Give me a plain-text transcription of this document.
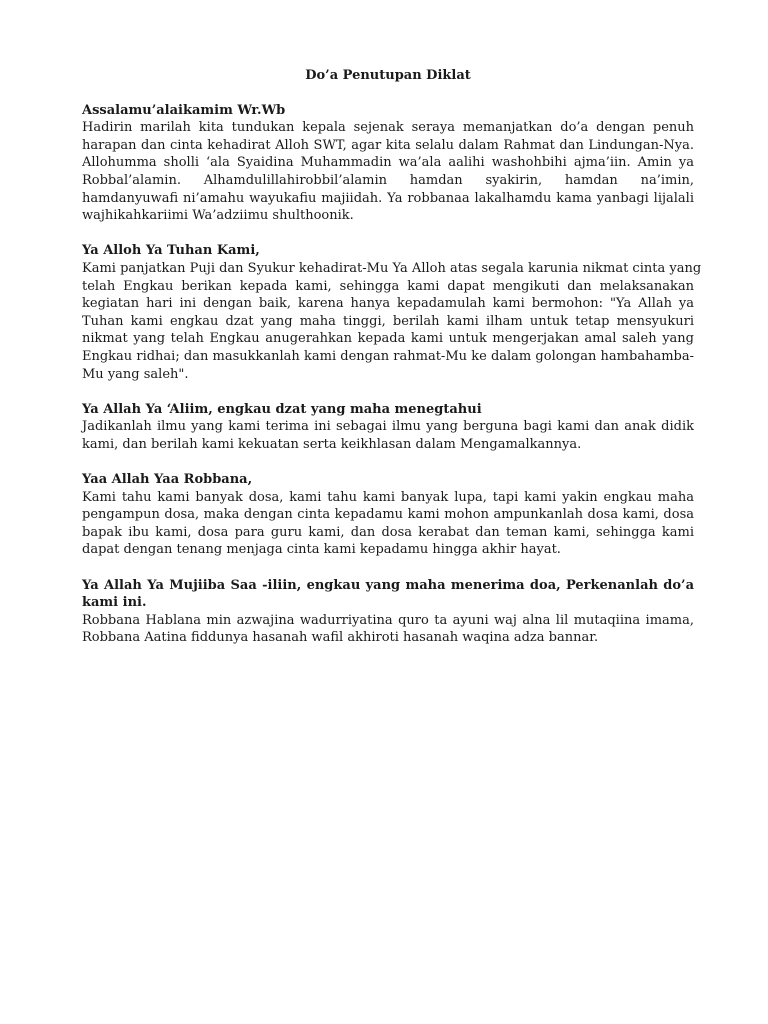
Do’a Penutupan Diklat
Assalamu’alaikamim Wr.Wb
Hadirin marilah kita tundukan kepala sejenak seraya memanjatkan do’a dengan penuh
harapan dan cinta kehadirat Alloh SWT, agar kita selalu dalam Rahmat dan Lindungan-Nya.
Allohumma sholli ‘ala Syaidina Muhammadin wa’ala aalihi washohbihi ajma’iin. Amin ya
Robbal’alamin. Alhamdulillahirobbil’alamin hamdan syakirin, hamdan na’imin,
hamdanyuwafi ni’amahu wayukafiu majiidah. Ya robbanaa lakalhamdu kama yanbagi lijalali
wajhikahkariimi Wa’adziimu shulthoonik.
Ya Alloh Ya Tuhan Kami,
Kami panjatkan Puji dan Syukur kehadirat-Mu Ya Alloh atas segala karunia nikmat cinta yang
telah Engkau berikan kepada kami, sehingga kami dapat mengikuti dan melaksanakan
kegiatan hari ini dengan baik, karena hanya kepadamulah kami bermohon: "Ya Allah ya
Tuhan kami engkau dzat yang maha tinggi, berilah kami ilham untuk tetap mensyukuri
nikmat yang telah Engkau anugerahkan kepada kami untuk mengerjakan amal saleh yang
Engkau ridhai; dan masukkanlah kami dengan rahmat-Mu ke dalam golongan hambahamba-
Mu yang saleh".
Ya Allah Ya ‘Aliim, engkau dzat yang maha menegtahui
Jadikanlah ilmu yang kami terima ini sebagai ilmu yang berguna bagi kami dan anak didik
kami, dan berilah kami kekuatan serta keikhlasan dalam Mengamalkannya.
Yaa Allah Yaa Robbana,
Kami tahu kami banyak dosa, kami tahu kami banyak lupa, tapi kami yakin engkau maha
pengampun dosa, maka dengan cinta kepadamu kami mohon ampunkanlah dosa kami, dosa
bapak ibu kami, dosa para guru kami, dan dosa kerabat dan teman kami, sehingga kami
dapat dengan tenang menjaga cinta kami kepadamu hingga akhir hayat.
Ya Allah Ya Mujiiba Saa -iliin, engkau yang maha menerima doa, Perkenanlah do’a
kami ini.
Robbana Hablana min azwajina wadurriyatina quro ta ayuni waj alna lil mutaqiina imama,
Robbana Aatina fiddunya hasanah wafil akhiroti hasanah waqina adza bannar.
